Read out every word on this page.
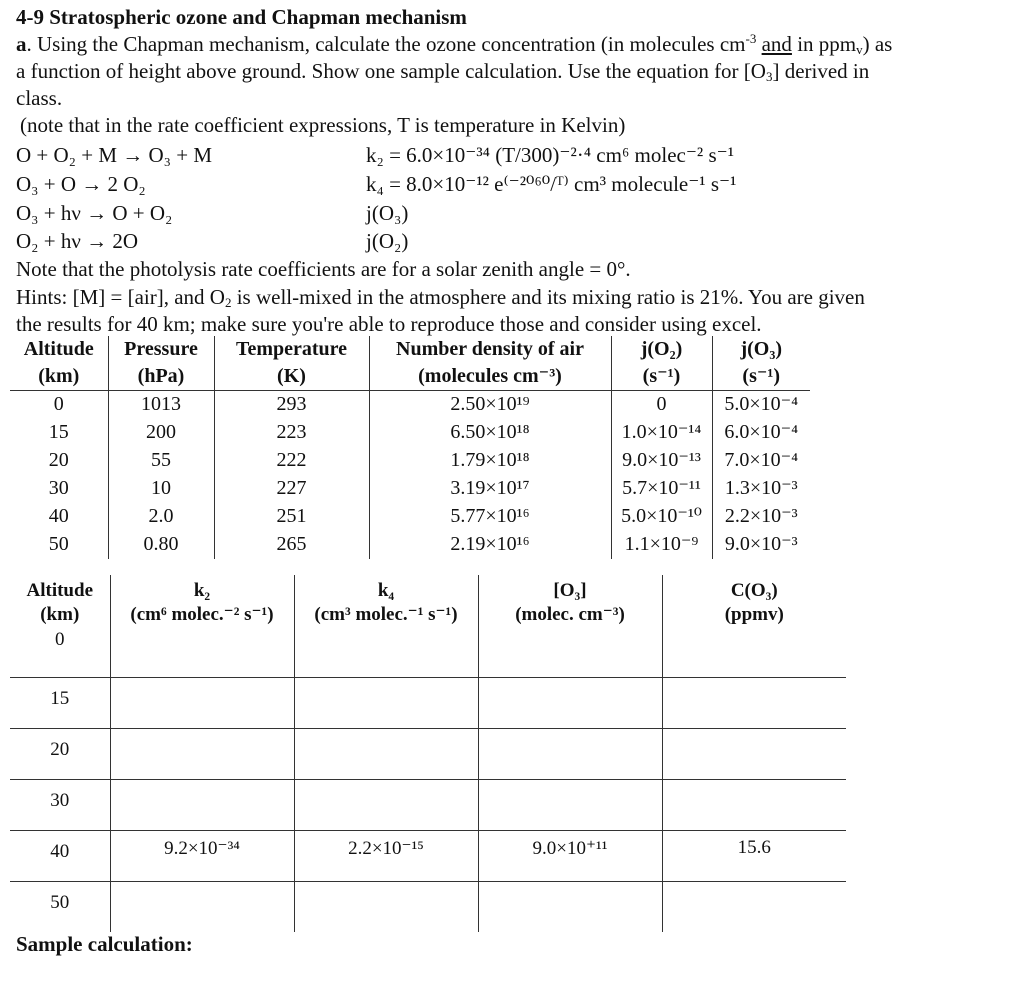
4-9 Stratospheric ozone and Chapman mechanism
a. Using the Chapman mechanism, calculate the ozone concentration (in molecules $cm^{-3}$ and in ppm$_v$) as
a function of height above ground. Show one sample calculation. Use the equation for $[O_3]$ derived in
class.
(note that in the rate coefficient expressions, T is temperature in Kelvin)
O + O₂ + M → O₃ + M	k₂ = 6.0×10⁻³⁴ (T/300)⁻²·⁴ cm⁶ molec⁻² s⁻¹
O₃ + O → 2 O₂	k₄ = 8.0×10⁻¹² e⁽⁻²⁰⁶⁰/ᵀ⁾ cm³ molecule⁻¹ s⁻¹
O₃ + hν → O + O₂	j(O₃)
O₂ + hν → 2O	j(O₂)
Note that the photolysis rate coefficients are for a solar zenith angle = 0°.
Hints: [M] = [air], and $O_2$ is well-mixed in the atmosphere and its mixing ratio is 21%. You are given
the results for 40 km; make sure you're able to reproduce those and consider using excel.
Altitude	Pressure	Temperature	Number density of air	j(O₂)	j(O₃)
(km)	(hPa)	(K)	(molecules cm⁻³)	(s⁻¹)	(s⁻¹)
0	1013	293	2.50×10¹⁹	0	5.0×10⁻⁴
15	200	223	6.50×10¹⁸	1.0×10⁻¹⁴	6.0×10⁻⁴
20	55	222	1.79×10¹⁸	9.0×10⁻¹³	7.0×10⁻⁴
30	10	227	3.19×10¹⁷	5.7×10⁻¹¹	1.3×10⁻³
40	2.0	251	5.77×10¹⁶	5.0×10⁻¹⁰	2.2×10⁻³
50	0.80	265	2.19×10¹⁶	1.1×10⁻⁹	9.0×10⁻³
Altitude	k₂	k₄	[O₃]	C(O₃)
(km)	(cm⁶ molec.⁻² s⁻¹)	(cm³ molec.⁻¹ s⁻¹)	(molec. cm⁻³)	(ppmv)

0				

15				

20				

30				

40	9.2×10⁻³⁴	2.2×10⁻¹⁵	9.0×10⁺¹¹	15.6

50				

Sample calculation:
